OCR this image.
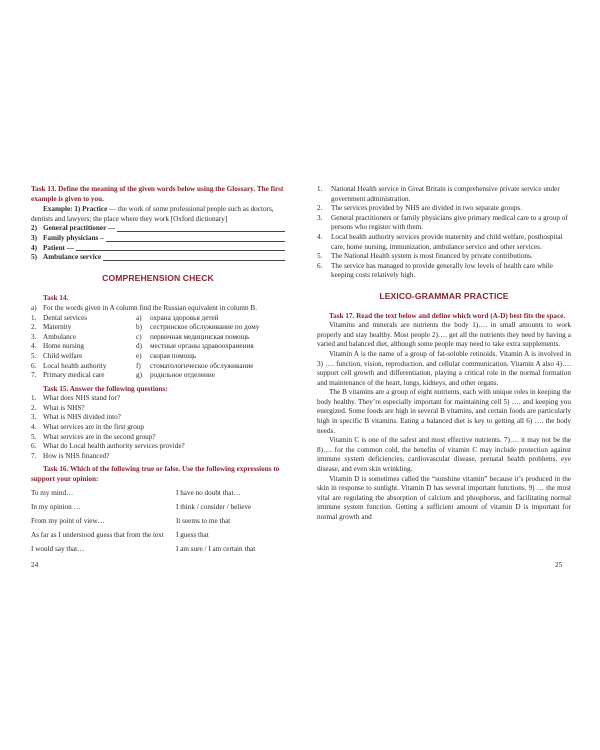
Task 13. Define the meaning of the given words below using the Glossary. The first example is given to you.
Example: 1) Practice — the work of some professional people such as doctors, dentists and lawyers; the place where they work [Oxford dictionary]
2) General practitioner —
3) Family physicians –
4) Patient —
5) Ambulance service
COMPREHENSION CHECK
Task 14.
a) For the words given in A column find the Russian equivalent in column B.
1. Dental services	a)	охрана здоровья детей
2. Maternity	b)	сестринское обслуживание по дому
3. Ambulance	c)	первичная медицинская помощь
4. Home nursing	d)	местные органы здравоохранения
5. Child welfare	e)	скорая помощь
6. Local health authority	f)	стоматологическое обслуживание
7. Primary medical care	g)	родильное отделение
Task 15. Answer the following questions:
1. What does NHS stand for?
2. What is NHS?
3. What is NHS divided into?
4. What services are in the first group
5. What services are in the second group?
6. What do Local health authority services provide?
7. How is NHS financed?
Task 16. Which of the following true or false. Use the following expressions to support your opinion:
To my mind…	I have no doubt that…
In my opinion …	I think / consider / believe
From my point of view…	It seems to me that
As far as I understood guess that from the text	I guess that
I would say that…	I am sure / I am certain that
24
1.	National Health service in Great Britain is comprehensive private service under government administration.
2.	The services provided by NHS are divided in two separate groups.
3.	General practitioners or family physicians give primary medical care to a group of persons who register with them.
4.	Local health authority services provide maternity and child welfare, posthospital care, home nursing, immunization, ambulance service and other services.
5.	The National Health system is most financed by private contributions.
6.	The service has managed to provide generally low levels of health care while keeping costs relatively high.
LEXICO-GRAMMAR PRACTICE
Task 17. Read the text below and define which word (A-D) best fits the space.
Vitamins and minerals are nutrients the body 1)…. in small amounts to work properly and stay healthy. Most people 2)…. get all the nutrients they need by having a varied and balanced diet, although some people may need to take extra supplements.
Vitamin A is the name of a group of fat-soluble retinoids. Vitamin A is involved in 3) …. function, vision, reproduction, and cellular communication. Vitamin A also 4)…. support cell growth and differentiation, playing a critical role in the normal formation and maintenance of the heart, lungs, kidneys, and other organs.
The B vitamins are a group of eight nutrients, each with unique roles in keeping the body healthy. They’re especially important for maintaining cell 5) …. and keeping you energized. Some foods are high in several B vitamins, and certain foods are particularly high in specific B vitamins. Eating a balanced diet is key to getting all 6) …. the body needs.
Vitamin C is one of the safest and most effective nutrients. 7)…. it may not be the 8)…. for the common cold, the benefits of vitamin C may include protection against immune system deficiencies, cardiovascular disease, prenatal health problems, eye disease, and even skin wrinkling.
Vitamin D is sometimes called the “sunshine vitamin” because it’s produced in the skin in response to sunlight. Vitamin D has several important functions. 9) … the most vital are regulating the absorption of calcium and phosphorus, and facilitating normal immune system function. Getting a sufficient amount of vitamin D is important for normal growth and
25
